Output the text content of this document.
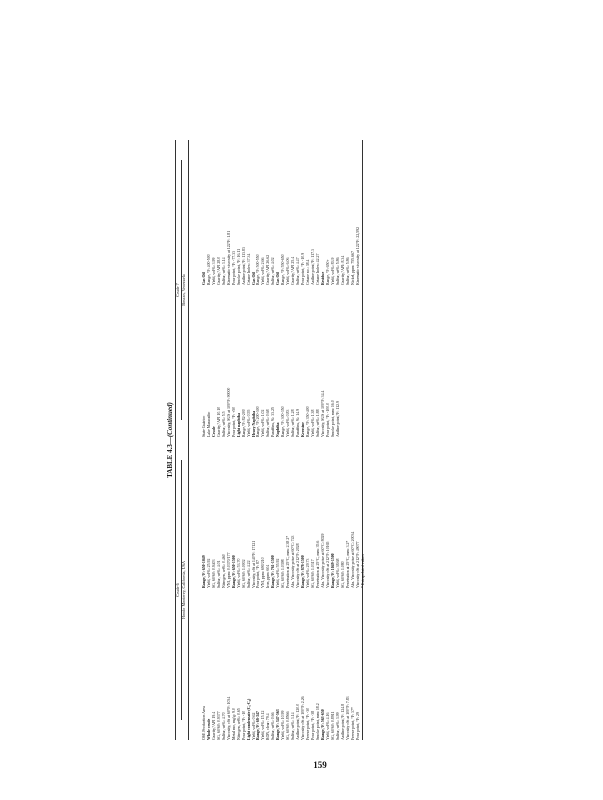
TABLE 4.3—(Continued)
Crude 6 Hondo Monterey, California, USA
Crude 7 Boscan, Venezuela
OSE Production Area Whole crude Gravity,°API 19.4 SG, 60/60: 0.9377 Sulfur, wt%: 4.70 Viscosity, cSt at 60°F: 1034 Metal mo, mg/g: 9.0 Nitrogen, wt%: 0.65 Pour point, °F: -10 Light condensate (C₁-C₄) Yield, vol%: 0.62 Range,°F: 68-347 Yield, vol%: 15.12 RON, clear: 79.4 Sulfur, wt%: 0.66 Range,°F: 347-563 Yield, vol%: 10.99 SG, 60/60: 0.8566 Sulfur, wt%: 3.14 Aniline point,°F: 120.0 Viscosity cSt at 100°F: 2.26 Freeze point, °F: -30 Pour point, °F: -38 Smoke point, mm: 18.2 Range,°F: 563-650 Yield, vol%: 4.16 SG, 60/60: 0.8911 Sulfur, wt%: 3.99 Aniline point,°F: 124.8 Viscosity cSt at 100°F: 7.83 Freeze point, °F: 37* Pour point, °F: 29
Range,°F: 650-1049 Yield, vol%: 25.92 SG, 60/60: 0.9403 Sulfur, wt%: 4.01 Nitrogen, wt%: 0.460 VNI, ppm: 0.0370/177 Range,°F: 650-1500 Yield, vol%: 53.70 SG, 60/60: 1.0002 Sulfur, wt%: 4.22 Viscosity, cSt at 140°F: 17121 Pour point, °F: 87 VNI, ppm: 690/210 Iron, ppm: 604 Range,°F: 761-1500 Yield, vol%: 55.92 SG, 60/60: 1.0398 Penetration at 25°C, mm: 2.38 2* Abs. Viscosity poise at 60°C: 743 Viscosity cSt at 212°F: 2028 Range,°F: 878-1500 Yield, vol%: 29.73 SG, 60/60: 1.0317 Penetration at 25°C, mm: 35.6 Abs. Viscosity poise at 60°C: 8029 Viscosity cSt at 212°F: 10165 Range,°F: 1049-1500 Yield, vol%: 38.68 SG, 60/60: 1.080 Penetration at 25°C, mm: 3.2* Abs. Viscosity poise at 60°C: 20034 Viscosity cSt at 212°F: 49077 * Extrapolated values
State Guárico Lake Maracaibo Crude Gravity,°API 10.10 Sulfur, wt%: 5.5 Viscosity, SUS at 100°F: 90000 Pour point, °F: +50 Light naphtha Range,°F: 82-200 Yield, vol%: 0.55 Heavy Naphtha Range, °F: 200-300 Yield, vol%: 1.02 Sulfur, wt%: 0.68 Paraffins, %: 33.25 Naphtha Range, °F: 300-350 Yield, vol%: 0.83 Sulfur, wt%: 1.28 Paraffins, %: 14.9 Kerosine Range, °F: 350-400 Yield, vol%: 1.38 Sulfur, wt%: 1.88 Viscosity, SUS at 100°F: 34.4 Pour point, °F: -100.0 Smoke point, mm: 16.0 Aniline point,°F: 112.9
Gas Oil Range, °F: 400-500 Yield, vol%: 3.99 Gravity,°API 28.0 Sulfur, wt%: 3.14 Kinematic viscosity at 122°F: 1.81 Pour point, °F: -77.33 Smoke point, °F: 16.11 Aniline point,°F: 113.83 Cetane Index: 37.34 Gas Oil Range, °F: 500-550 Yield, vol%: 2.66 Gravity,°API 26.62 Sulfur, wt%: 4.02 Gas Oil Range, °F: 550-650 Yield, vol%: 6.06 Gravity,°API 25.4 Sulfur, wt%: 4.47 Pour point, °F: -10.9 Cetane no.: 38.4 Aniline point,°F: 117.3 Cetane Index: 42.27 Residue Range, °F: 650+ Yield, vol%: 83.9 Sulfur, wt%: 5.86 Gravity,°API: 8.34 Sulfur, wt%: 5.86 Nickel, ppm: 755.667 Kinematic viscosity at 122°F: 22,592
159
